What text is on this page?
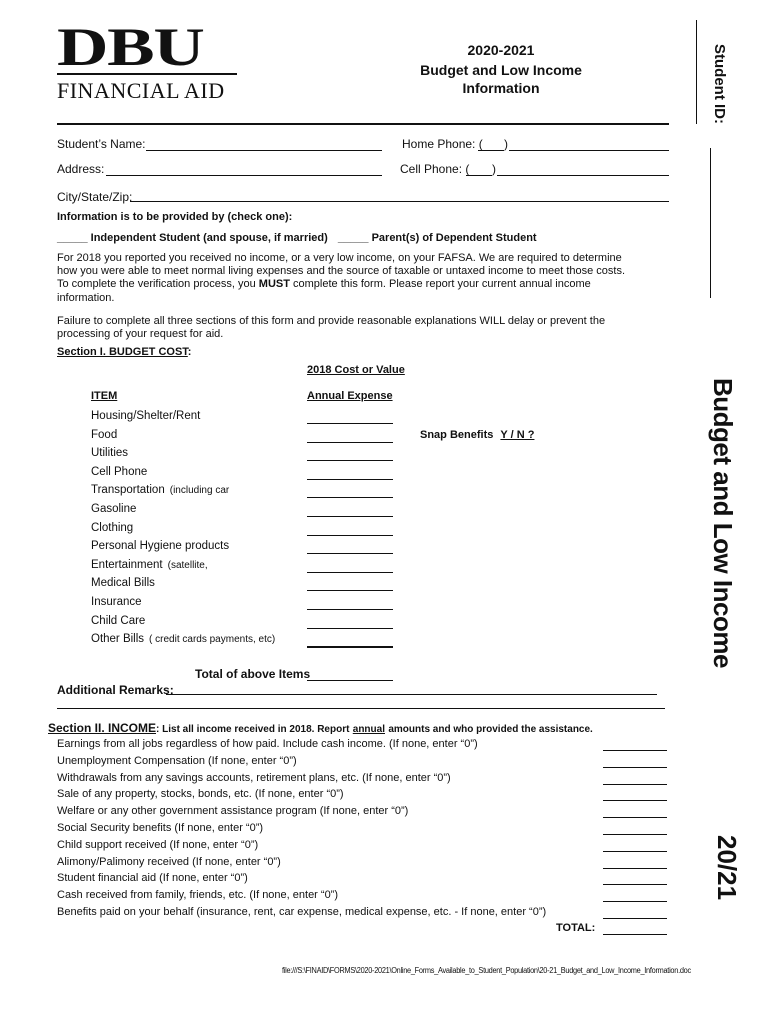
DBU
FINANCIAL AID
2020-2021
Budget and Low Income
Information	Student ID:
Student’s Name:	Home Phone: ( )
Address:	Cell Phone: ( )
City/State/Zip:
Information is to be provided by (check one):
_____ Independent Student (and spouse, if married) _____ Parent(s) of Dependent Student
For 2018 you reported you received no income, or a very low income, on your FAFSA. We are required to determine
how you were able to meet normal living expenses and the source of taxable or untaxed income to meet those costs.
To complete the verification process, you MUST complete this form. Please report your current annual income
information.
Failure to complete all three sections of this form and provide reasonable explanations WILL delay or prevent the
processing of your request for aid.
Section I. BUDGET COST:
2018 Cost or Value
ITEM	Annual Expense
Housing/Shelter/Rent
Food
Utilities
Cell Phone
Transportation (including car
Gasoline
Clothing
Personal Hygiene products
Entertainment (satellite,
Medical Bills
Insurance
Child Care
Other Bills ( credit cards payments, etc)
Snap Benefits Y / N ?
Total of above Items
Additional Remarks:
Section II. INCOME: List all income received in 2018. Report annual amounts and who provided the assistance.
Earnings from all jobs regardless of how paid. Include cash income. (If none, enter “0”)
Unemployment Compensation (If none, enter “0”)
Withdrawals from any savings accounts, retirement plans, etc. (If none, enter “0”)
Sale of any property, stocks, bonds, etc. (If none, enter “0”)
Welfare or any other government assistance program (If none, enter “0”)
Social Security benefits (If none, enter “0”)
Child support received (If none, enter “0”)
Alimony/Palimony received (If none, enter “0”)
Student financial aid (If none, enter “0”)
Cash received from family, friends, etc. (If none, enter “0”)
Benefits paid on your behalf (insurance, rent, car expense, medical expense, etc. - If none, enter “0”)
TOTAL:
Budget and Low Income
20/21
file:///S:\FINAID\FORMS\2020-2021\Online_Forms_Available_to_Student_Population\20-21_Budget_and_Low_Income_Information.doc
